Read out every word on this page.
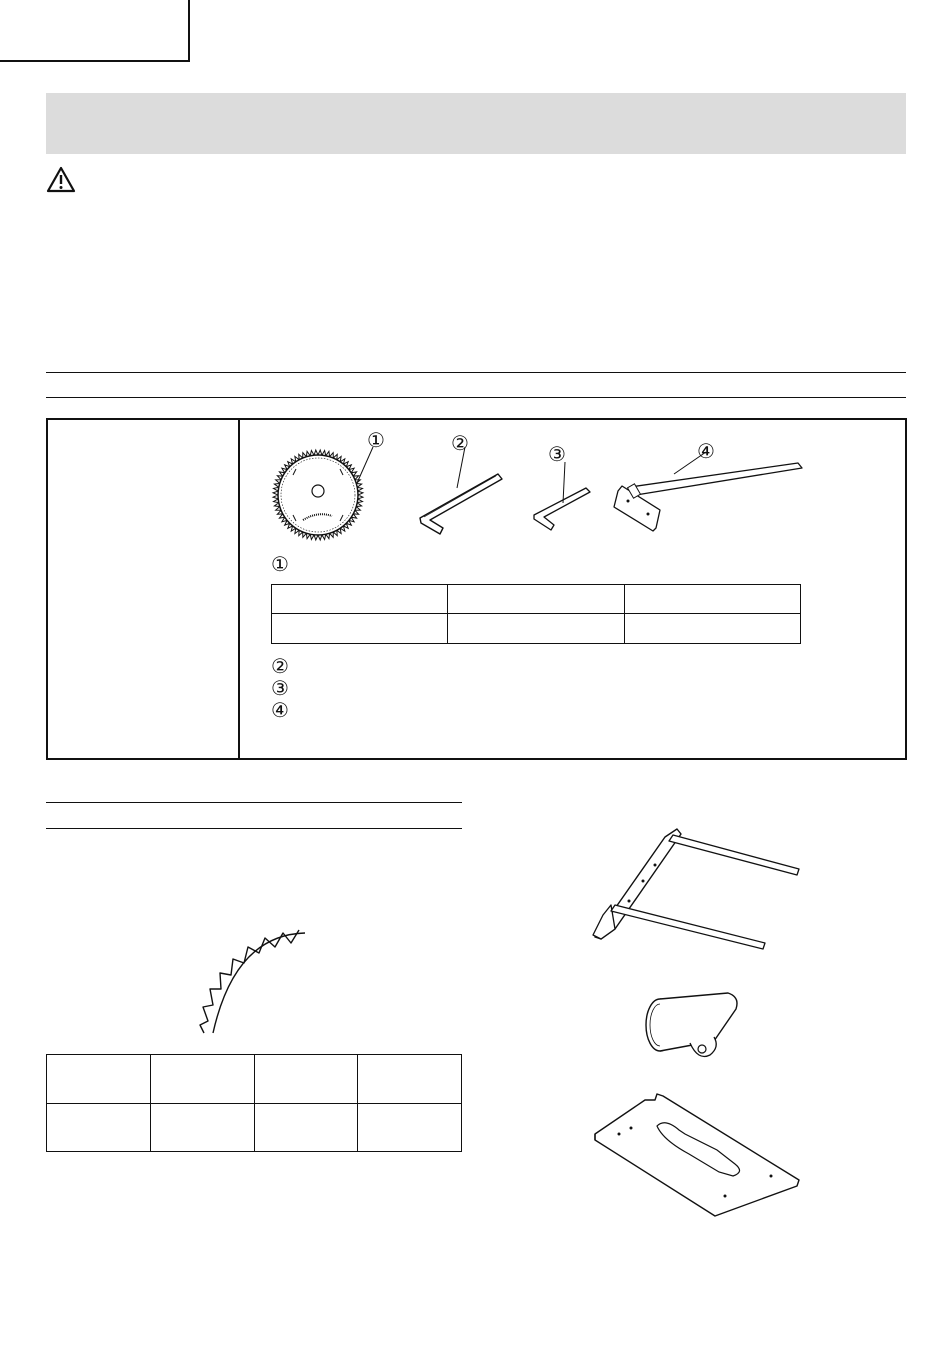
①	②	③	④
①

②
③
④
